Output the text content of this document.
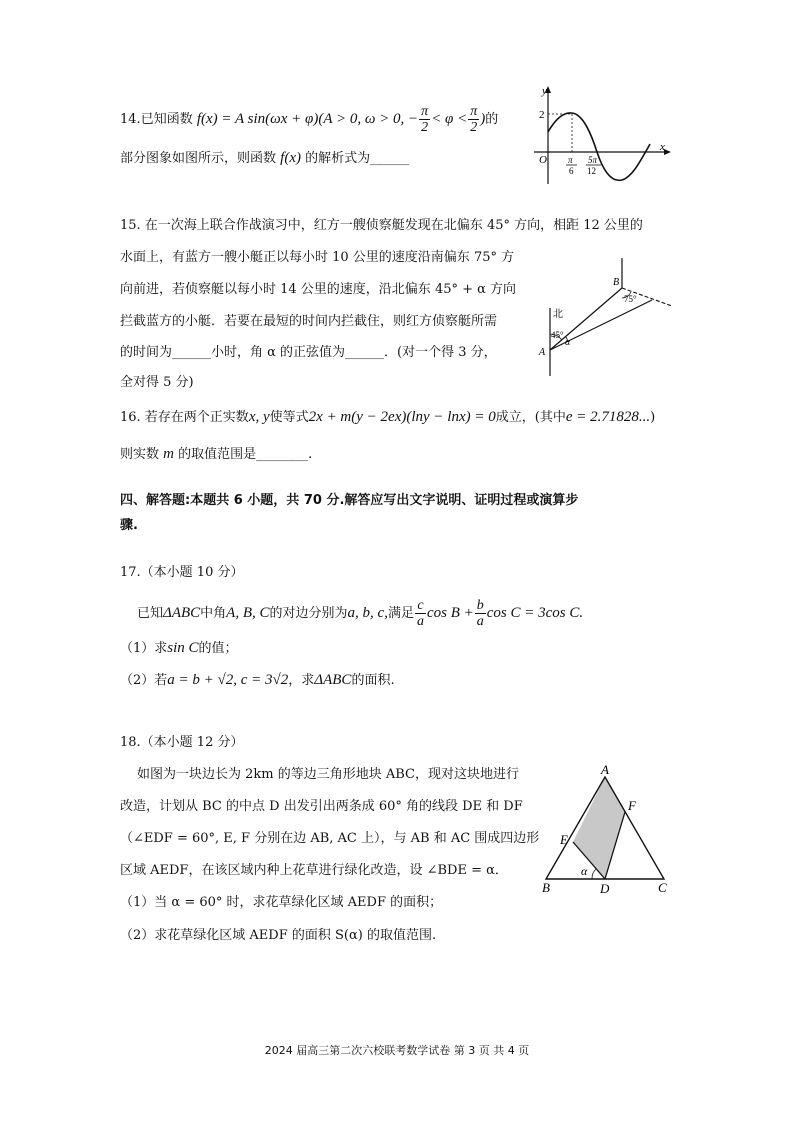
14.已知函数 f(x) = A sin(ωx + φ)(A > 0, ω > 0, − $\frac{\pi}{2} < \varphi < \frac{\pi}{2}$ )的
部分图象如图所示，则函数 f(x) 的解析式为______
y
x
O
2
π
6
5π
12
15. 在一次海上联合作战演习中，红方一艘侦察艇发现在北偏东 45° 方向，相距 12 公里的
水面上，有蓝方一艘小艇正以每小时 10 公里的速度沿南偏东 75° 方
向前进，若侦察艇以每小时 14 公里的速度，沿北偏东 45° + α 方向
拦截蓝方的小艇．若要在最短的时间内拦截住，则红方侦察艇所需
的时间为______小时，角 α 的正弦值为______．(对一个得 3 分，
全对得 5 分)
北
45°
α
75°
A
B
16. 若存在两个正实数x, y使等式2x + m(y − 2ex)(lny − lnx) = 0成立，(其中e = 2.71828...)
则实数 m 的取值范围是________.
四、解答题:本题共 6 小题，共 70 分.解答应写出文字说明、证明过程或演算步
骤.
17.（本小题 10 分）
已知ΔABC中角A, B, C的对边分别为a, b, c,满足 $\frac{c}{a}$ $\cos B + \frac{b}{a}$ cos C = 3cos C.
（1）求sin C的值；
（2）若a = b + √2, c = 3√2，求ΔABC的面积.
18.（本小题 12 分）
如图为一块边长为 2km 的等边三角形地块 ABC，现对这块地进行
改造，计划从 BC 的中点 D 出发引出两条成 60° 角的线段 DE 和 DF
（∠EDF = 60°, E, F 分别在边 AB, AC 上），与 AB 和 AC 围成四边形
区域 AEDF，在该区域内种上花草进行绿化改造，设 ∠BDE = α．
（1）当 α = 60° 时，求花草绿化区域 AEDF 的面积；
（2）求花草绿化区域 AEDF 的面积 S(α) 的取值范围.
A
B	C
D
E
F
α
2024 届高三第二次六校联考数学试卷 第 3 页 共 4 页
